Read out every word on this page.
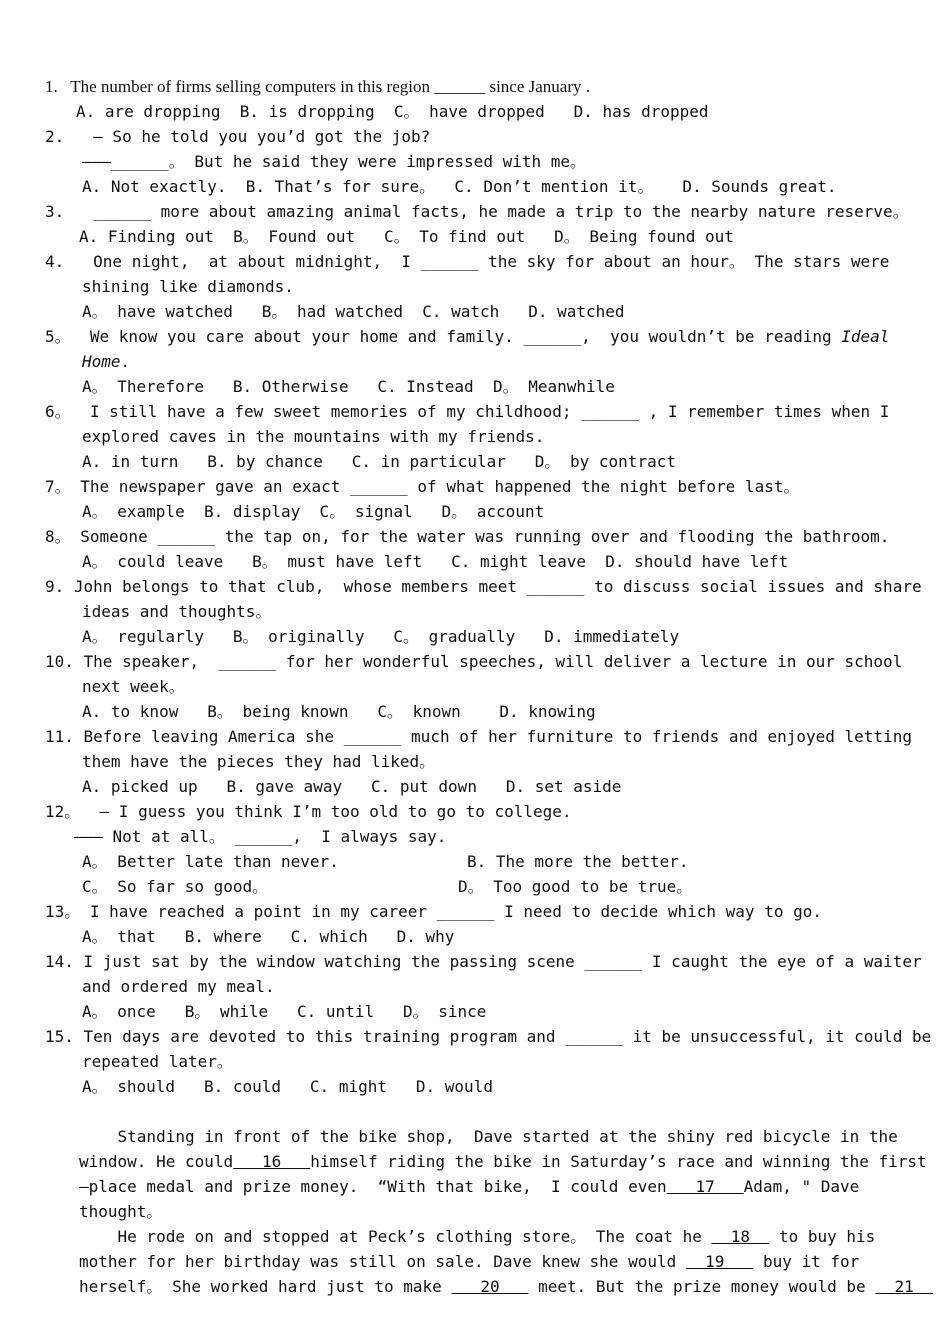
1.   The number of firms selling computers in this region ______ since January .
A. are dropping  B. is dropping  C。 have dropped   D. has dropped
2.   – So he told you you’d got the job?
———______。 But he said they were impressed with me。
A. Not exactly.  B. That’s for sure。  C. Don’t mention it。   D. Sounds great.
3.   ______ more about amazing animal facts, he made a trip to the nearby nature reserve。
A. Finding out  B。 Found out   C。 To find out   D。 Being found out
4.   One night,  at about midnight,  I ______ the sky for about an hour。 The stars were
shining like diamonds.
A。 have watched   B。 had watched  C. watch   D. watched
5。  We know you care about your home and family. ______,  you wouldn’t be reading Ideal
Home.
A。 Therefore   B. Otherwise   C. Instead  D。 Meanwhile
6。  I still have a few sweet memories of my childhood; ______ , I remember times when I
explored caves in the mountains with my friends.
A. in turn   B. by chance   C. in particular   D。 by contract
7。 The newspaper gave an exact ______ of what happened the night before last。
A。 example  B. display  C。 signal   D。 account
8。 Someone ______ the tap on, for the water was running over and flooding the bathroom.
A。 could leave   B。 must have left   C. might leave  D. should have left
9. John belongs to that club,  whose members meet ______ to discuss social issues and share
ideas and thoughts。
A。 regularly   B。 originally   C。 gradually   D. immediately
10. The speaker,  ______ for her wonderful speeches, will deliver a lecture in our school
next week。
A. to know   B。 being known   C。 known    D. knowing
11. Before leaving America she ______ much of her furniture to friends and enjoyed letting
them have the pieces they had liked。
A. picked up   B. gave away   C. put down   D. set aside
12。  – I guess you think I’m too old to go to college.
——— Not at all。 ______,  I always say.
A。 Better late than never.	B. The more the better.
C。 So far so good。	D。 Too good to be true。
13。 I have reached a point in my career ______ I need to decide which way to go.
A。 that   B. where   C. which   D. why
14. I just sat by the window watching the passing scene ______ I caught the eye of a waiter
and ordered my meal.
A。 once   B。 while   C. until   D。 since
15. Ten days are devoted to this training program and ______ it be unsuccessful, it could be
repeated later。
A。 should   B. could   C. might   D. would
Standing in front of the bike shop,  Dave started at the shiny red bicycle in the
window. He could   16   himself riding the bike in Saturday’s race and winning the first
—place medal and prize money.  “With that bike,  I could even   17   Adam, " Dave
thought。
He rode on and stopped at Peck’s clothing store。 The coat he   18   to buy his
mother for her birthday was still on sale. Dave knew she would   19    buy it for
herself。 She worked hard just to make    20    meet. But the prize money would be   21
